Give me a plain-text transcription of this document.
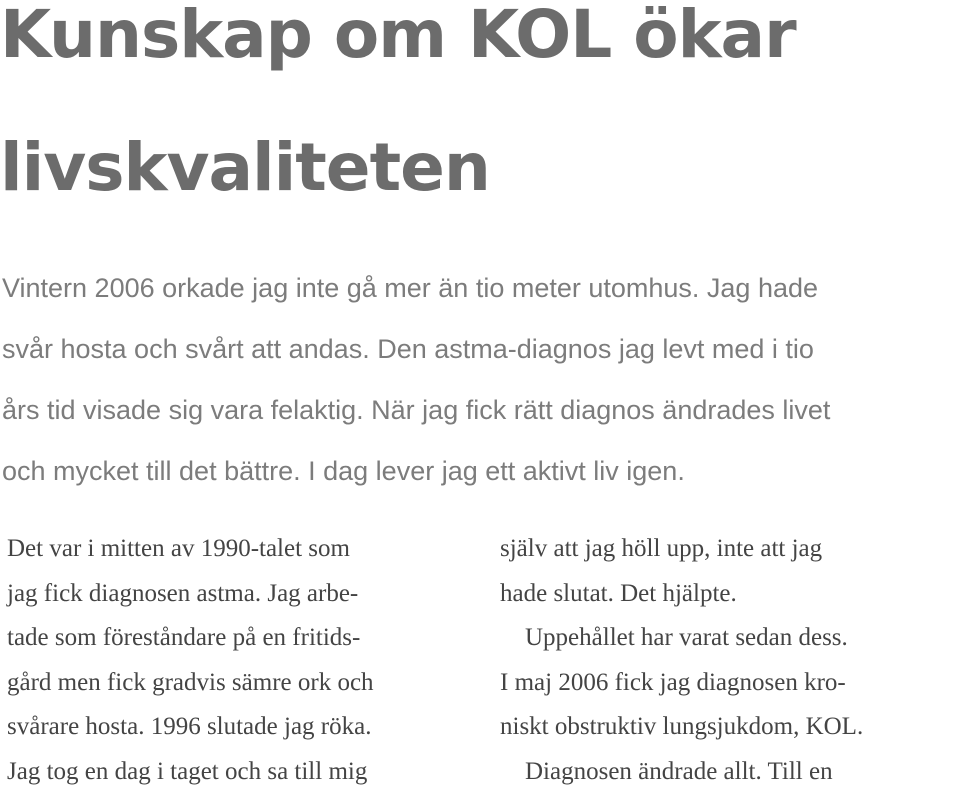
Kunskap om KOL ökar
livskvaliteten
Vintern 2006 orkade jag inte gå mer än tio meter utomhus. Jag hade
svår hosta och svårt att andas. Den astma-diagnos jag levt med i tio
års tid visade sig vara felaktig. När jag fick rätt diagnos ändrades livet
och mycket till det bättre. I dag lever jag ett aktivt liv igen.
Det var i mitten av 1990-talet som
jag fick diagnosen astma. Jag arbe-
tade som föreståndare på en fritids-
gård men fick gradvis sämre ork och
svårare hosta. 1996 slutade jag röka.
Jag tog en dag i taget och sa till mig
själv att jag höll upp, inte att jag
hade slutat. Det hjälpte.
Uppehållet har varat sedan dess.
I maj 2006 fick jag diagnosen kro-
niskt obstruktiv lungsjukdom, KOL.
Diagnosen ändrade allt. Till en
